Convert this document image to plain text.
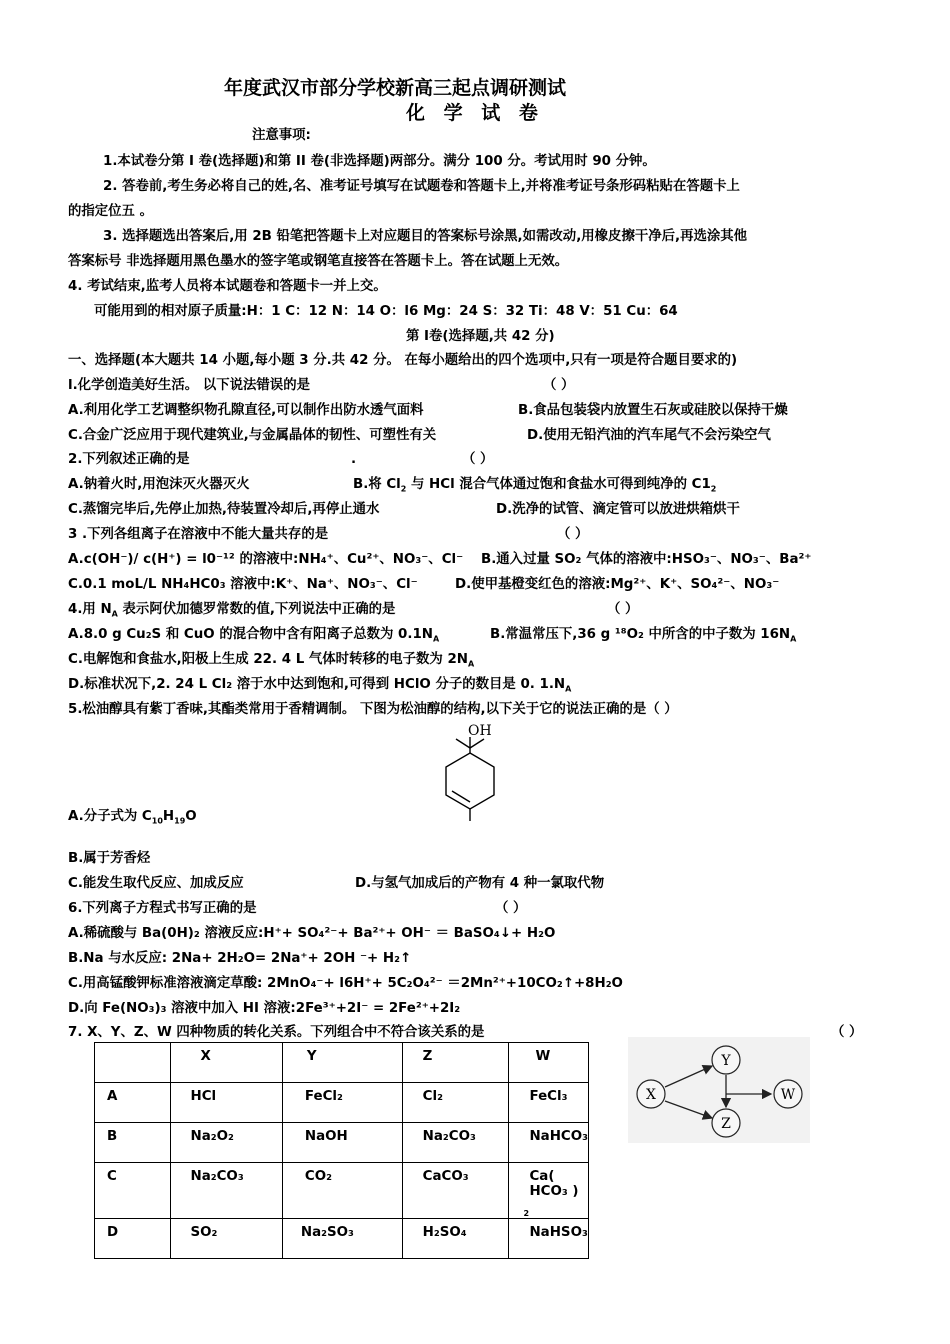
年度武汉市部分学校新高三起点调研测试
化 学 试 卷
注意事项:
1.本试卷分第 I 卷(选择题)和第 II 卷(非选择题)两部分。满分 100 分。考试用时 90 分钟。
2. 答卷前,考生务必将自己的姓,名、准考证号填写在试题卷和答题卡上,并将准考证号条形码粘贴在答题卡上
的指定位五 。
3. 选择题选出答案后,用 2B 铅笔把答题卡上对应题目的答案标号涂黑,如需改动,用橡皮擦干净后,再选涂其他
答案标号 非选择题用黑色墨水的签字笔或钢笔直接答在答题卡上。答在试题上无效。
4. 考试结束,监考人员将本试题卷和答题卡一并上交。
可能用到的相对原子质量:H：1 C：12 N：14 O：l6 Mg：24 S：32 Ti：48 V：51 Cu：64
第 Ⅰ卷(选择题,共 42 分)
一、选择题(本大题共 14 小题,每小题 3 分.共 42 分。 在每小题给出的四个选项中,只有一项是符合题目要求的)
l.化学创造美好生活。 以下说法错误的是	（ ）
A.利用化学工艺调整织物孔隙直径,可以制作出防水透气面料	B.食品包装袋内放置生石灰或硅胶以保持干燥
C.合金广泛应用于现代建筑业,与金属晶体的韧性、可塑性有关	D.使用无铅汽油的汽车尾气不会污染空气
2.下列叙述正确的是	.	（ ）
A.钠着火时,用泡沫灭火器灭火	B.将 $Cl_2$ 与 HCl 混合气体通过饱和食盐水可得到纯净的 $C1_2$
C.蒸馏完毕后,先停止加热,待装置冷却后,再停止通水	D.洗净的试管、滴定管可以放进烘箱烘干
3 .下列各组离子在溶液中不能大量共存的是	（ ）
A.c(OH⁻)/ c(H⁺) = l0⁻¹² 的溶液中:NH₄⁺、Cu²⁺、NO₃⁻、Cl⁻ B.通入过量 SO₂ 气体的溶液中:HSO₃⁻、NO₃⁻、Ba²⁺
C.0.1 moL/L NH₄HC0₃ 溶液中:K⁺、Na⁺、NO₃⁻、Cl⁻	D.使甲基橙变红色的溶液:Mg²⁺、K⁺、SO₄²⁻、NO₃⁻
4.用 $N_A$ 表示阿伏加德罗常数的值,下列说法中正确的是	（ ）
A.8.0 g Cu₂S 和 CuO 的混合物中含有阳离子总数为 $0.1N_A$	B.常温常压下,36 g ¹⁸O₂ 中所含的中子数为 $16N_A$
C.电解饱和食盐水,阳极上生成 22. 4 L 气体时转移的电子数为 $2N_A$
D.标准状况下,2. 24 L Cl₂ 溶于水中达到饱和,可得到 HClO 分子的数目是 0. $1.N_A$
5.松油醇具有紫丁香味,其酯类常用于香精调制。 下图为松油醇的结构,以下关于它的说法正确的是（ ）
OH
A.分子式为 $C_{10}H_{19}O$
B.属于芳香烃
C.能发生取代反应、加成反应	D.与氢气加成后的产物有 4 种一氯取代物
6.下列离子方程式书写正确的是	（ ）
A.稀硫酸与 Ba(0H)₂ 溶液反应:H⁺+ SO₄²⁻+ Ba²⁺+ OH⁻ ＝ BaSO₄↓+ H₂O
B.Na 与水反应: 2Na+ 2H₂O= 2Na⁺+ 2OH ⁻+ H₂↑
C.用高锰酸钾标准溶液滴定草酸: 2MnO₄⁻+ l6H⁺+ 5C₂O₄²⁻ ＝2Mn²⁺+10CO₂↑+8H₂O
D.向 Fe(NO₃)₃ 溶液中加入 HI 溶液:2Fe³⁺+2I⁻ = 2Fe²⁺+2I₂
7. X、Y、Z、W 四种物质的转化关系。下列组合中不符合该关系的是	（ ）
	X	Y	Z	W
A	HCl	FeCl₂	Cl₂	FeCl₃
B	Na₂O₂	NaOH	Na₂CO₃	NaHCO₃
C	Na₂CO₃	CO₂	CaCO₃	Ca( HCO₃ )
2

D	SO₂	Na₂SO₃	H₂SO₄	NaHSO₃
X
Y
Z
W
